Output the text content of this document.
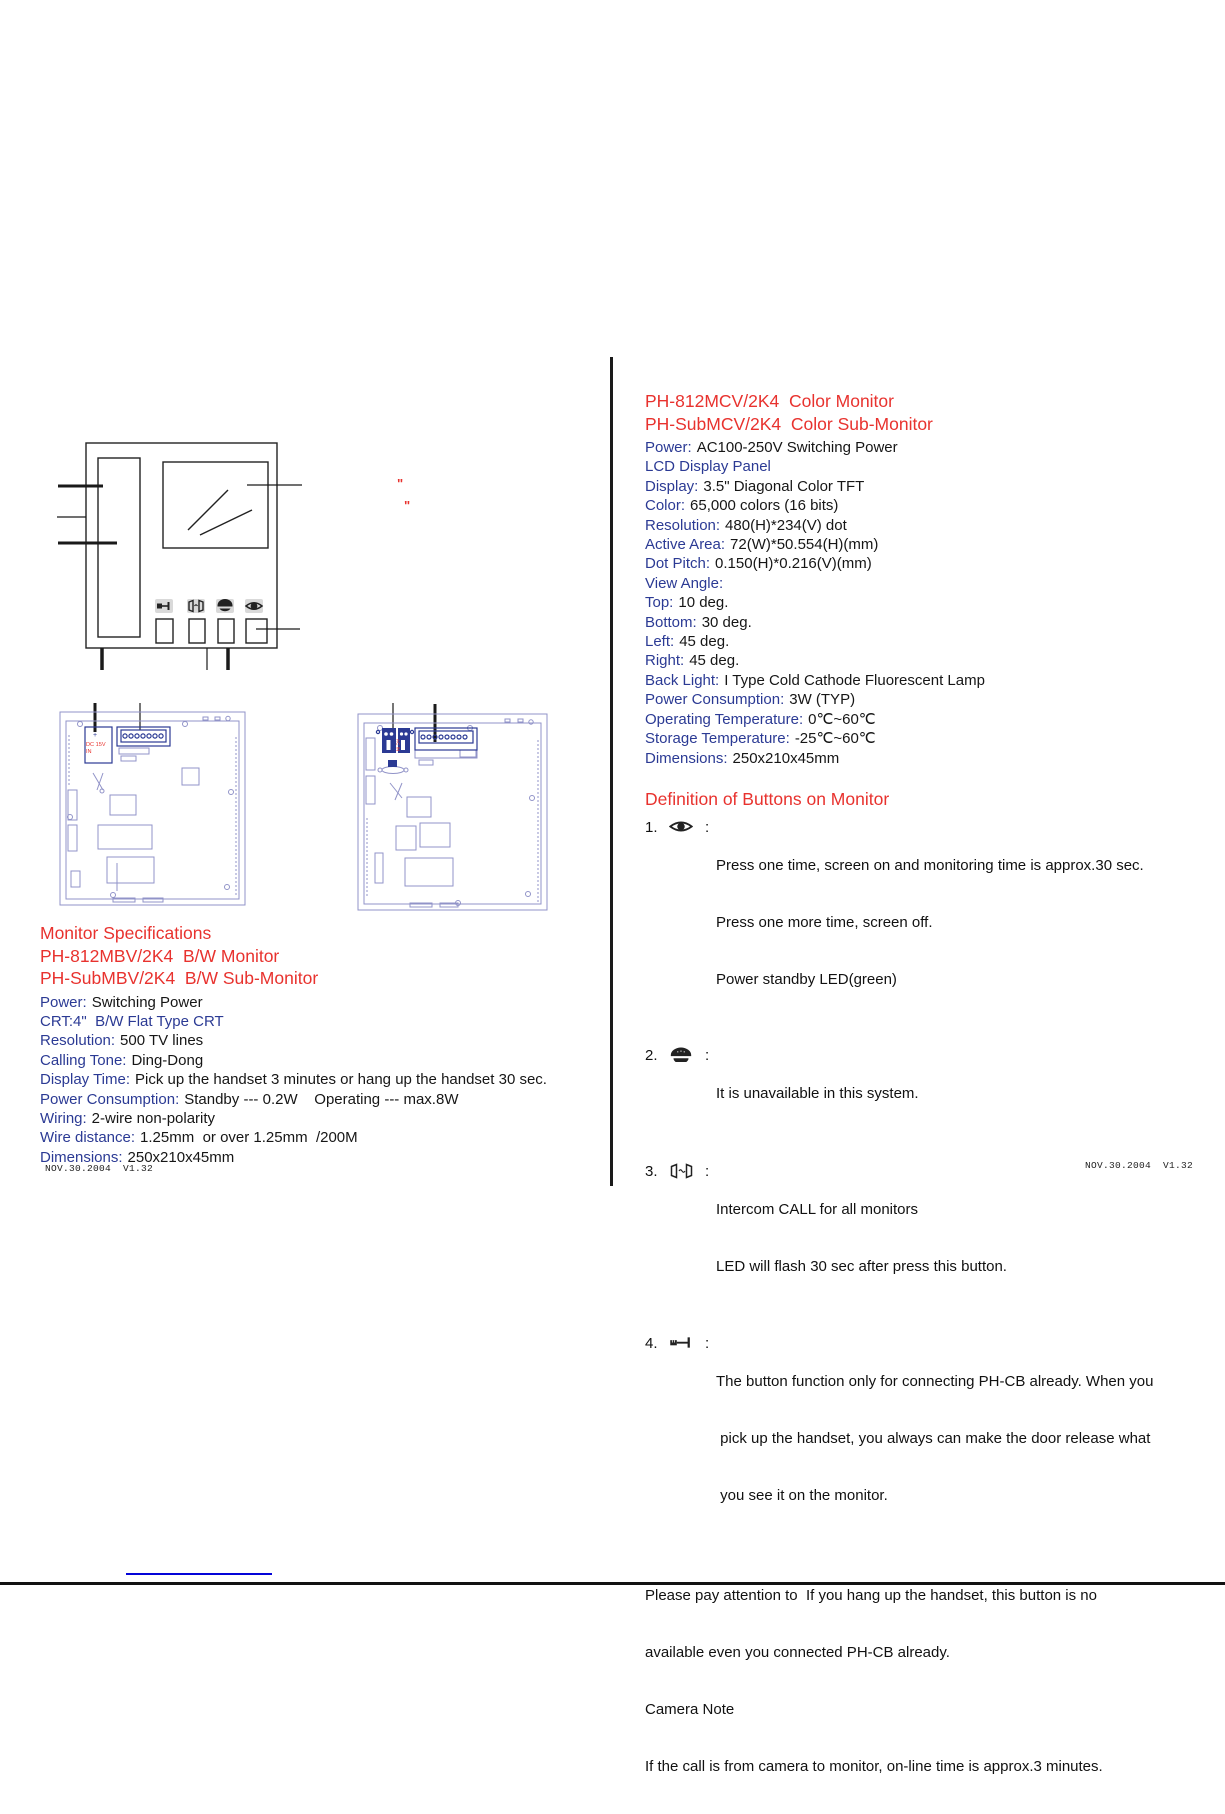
"
"
+
DC 15V
IN
AC IN
Monitor Specifications
PH-812MBV/2K4  B/W Monitor
PH-SubMBV/2K4  B/W Sub-Monitor
Power: Switching Power
CRT:4"  B/W Flat Type CRT
Resolution: 500 TV lines
Calling Tone: Ding-Dong
Display Time: Pick up the handset 3 minutes or hang up the handset 30 sec.
Power Consumption: Standby --- 0.2W    Operating --- max.8W
Wiring: 2-wire non-polarity
Wire distance: 1.25mm  or over 1.25mm  /200M
Dimensions: 250x210x45mm
NOV.30.2004  V1.32
PH-812MCV/2K4  Color Monitor
PH-SubMCV/2K4  Color Sub-Monitor
Power: AC100-250V Switching Power
LCD Display Panel
Display: 3.5" Diagonal Color TFT
Color: 65,000 colors (16 bits)
Resolution: 480(H)*234(V) dot
Active Area: 72(W)*50.554(H)(mm)
Dot Pitch: 0.150(H)*0.216(V)(mm)
View Angle:
Top: 10 deg.
Bottom: 30 deg.
Left: 45 deg.
Right: 45 deg.
Back Light: I Type Cold Cathode Fluorescent Lamp
Power Consumption: 3W (TYP)
Operating Temperature: 0℃~60℃
Storage Temperature: -25℃~60℃
Dimensions: 250x210x45mm
Definition of Buttons on Monitor
1.	:

Press one time, screen on and monitoring time is approx.30 sec.

Press one more time, screen off.

Power standby LED(green)

2.	:

It is unavailable in this system.

3.	:

Intercom CALL for all monitors

LED will flash 30 sec after press this button.

4.	:

The button function only for connecting PH-CB already. When you

pick up the handset, you always can make the door release what

you see it on the monitor.

Please pay attention to  If you hang up the handset, this button is no

available even you connected PH-CB already.

Camera Note

If the call is from camera to monitor, on-line time is approx.3 minutes.

NOV.30.2004  V1.32
